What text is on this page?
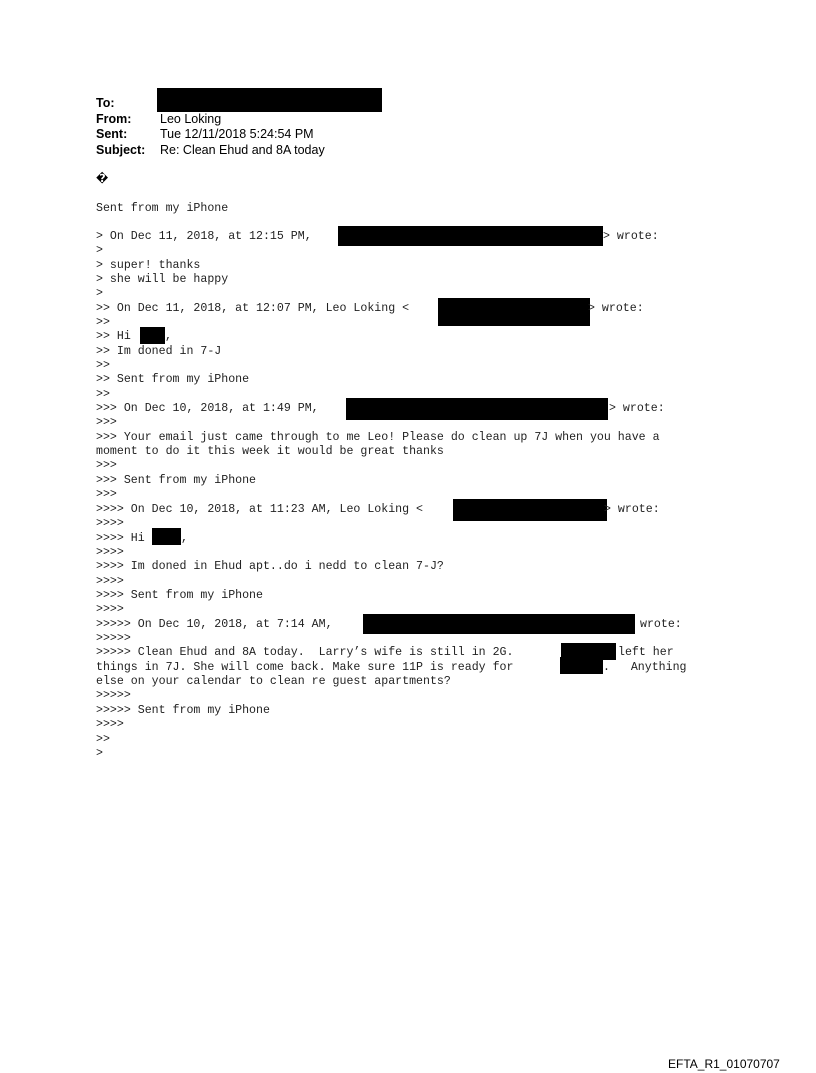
To:
From: Leo Loking
Sent:	Tue 12/11/2018 5:24:54 PM
Subject: Re: Clean Ehud and 8A today
�
Sent from my iPhone
> On Dec 11, 2018, at 12:15 PM,	> wrote:
>
> super! thanks
> she will be happy
>
>> On Dec 11, 2018, at 12:07 PM, Leo Loking <	> wrote:
>>
>> Hi	,
>> Im doned in 7-J
>>
>> Sent from my iPhone
>>
>>> On Dec 10, 2018, at 1:49 PM,	> wrote:
>>>
>>> Your email just came through to me Leo! Please do clean up 7J when you have a
moment to do it this week it would be great thanks
>>>
>>> Sent from my iPhone
>>>
>>>> On Dec 10, 2018, at 11:23 AM, Leo Loking <	> wrote:
>>>>
>>>> Hi	,
>>>>
>>>> Im doned in Ehud apt..do i nedd to clean 7-J?
>>>>
>>>> Sent from my iPhone
>>>>
>>>>> On Dec 10, 2018, at 7:14 AM,	wrote:
>>>>>
>>>>> Clean Ehud and 8A today.  Larry’s wife is still in 2G.	left her
things in 7J. She will come back. Make sure 11P is ready for	.   Anything
else on your calendar to clean re guest apartments?
>>>>>
>>>>> Sent from my iPhone
>>>>
>>
>
EFTA_R1_01070707
